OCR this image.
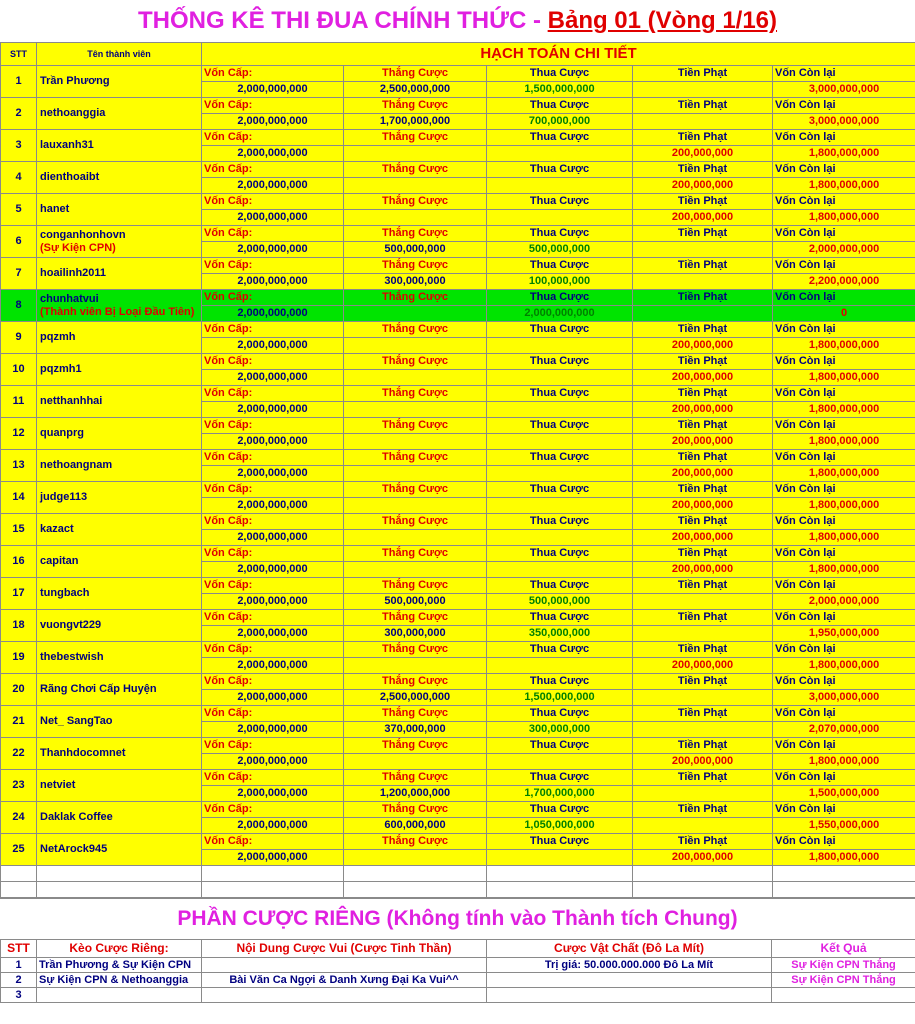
THỐNG KÊ THI ĐUA CHÍNH THỨC - Bảng 01 (Vòng 1/16)
STT	Tên thành viên	HẠCH TOÁN CHI TIẾT				
1	Trần Phương	Vốn Cấp:	Thắng Cược	Thua Cược	Tiền Phạt	Vốn Còn lại
		2,000,000,000	2,500,000,000	1,500,000,000		3,000,000,000
2	nethoanggia	Vốn Cấp:	Thắng Cược	Thua Cược	Tiền Phạt	Vốn Còn lại
		2,000,000,000	1,700,000,000	700,000,000		3,000,000,000
3	lauxanh31	Vốn Cấp:	Thắng Cược	Thua Cược	Tiền Phạt	Vốn Còn lại
		2,000,000,000			200,000,000	1,800,000,000
4	dienthoaibt	Vốn Cấp:	Thắng Cược	Thua Cược	Tiền Phạt	Vốn Còn lại
		2,000,000,000			200,000,000	1,800,000,000
5	hanet	Vốn Cấp:	Thắng Cược	Thua Cược	Tiền Phạt	Vốn Còn lại
		2,000,000,000			200,000,000	1,800,000,000
6	conganhonhovn
(Sự Kiện CPN)	Vốn Cấp:	Thắng Cược	Thua Cược	Tiền Phạt	Vốn Còn lại
		2,000,000,000	500,000,000	500,000,000		2,000,000,000
7	hoailinh2011	Vốn Cấp:	Thắng Cược	Thua Cược	Tiền Phạt	Vốn Còn lại
		2,000,000,000	300,000,000	100,000,000		2,200,000,000
8	chunhatvui
(Thành viên Bị Loại Đầu Tiên)	Vốn Cấp:	Thắng Cược	Thua Cược	Tiền Phạt	Vốn Còn lại
		2,000,000,000		2,000,000,000		0
9	pqzmh	Vốn Cấp:	Thắng Cược	Thua Cược	Tiền Phạt	Vốn Còn lại
		2,000,000,000			200,000,000	1,800,000,000
10	pqzmh1	Vốn Cấp:	Thắng Cược	Thua Cược	Tiền Phạt	Vốn Còn lại
		2,000,000,000			200,000,000	1,800,000,000
11	netthanhhai	Vốn Cấp:	Thắng Cược	Thua Cược	Tiền Phạt	Vốn Còn lại
		2,000,000,000			200,000,000	1,800,000,000
12	quanprg	Vốn Cấp:	Thắng Cược	Thua Cược	Tiền Phạt	Vốn Còn lại
		2,000,000,000			200,000,000	1,800,000,000
13	nethoangnam	Vốn Cấp:	Thắng Cược	Thua Cược	Tiền Phạt	Vốn Còn lại
		2,000,000,000			200,000,000	1,800,000,000
14	judge113	Vốn Cấp:	Thắng Cược	Thua Cược	Tiền Phạt	Vốn Còn lại
		2,000,000,000			200,000,000	1,800,000,000
15	kazact	Vốn Cấp:	Thắng Cược	Thua Cược	Tiền Phạt	Vốn Còn lại
		2,000,000,000			200,000,000	1,800,000,000
16	capitan	Vốn Cấp:	Thắng Cược	Thua Cược	Tiền Phạt	Vốn Còn lại
		2,000,000,000			200,000,000	1,800,000,000
17	tungbach	Vốn Cấp:	Thắng Cược	Thua Cược	Tiền Phạt	Vốn Còn lại
		2,000,000,000	500,000,000	500,000,000		2,000,000,000
18	vuongvt229	Vốn Cấp:	Thắng Cược	Thua Cược	Tiền Phạt	Vốn Còn lại
		2,000,000,000	300,000,000	350,000,000		1,950,000,000
19	thebestwish	Vốn Cấp:	Thắng Cược	Thua Cược	Tiền Phạt	Vốn Còn lại
		2,000,000,000			200,000,000	1,800,000,000
20	Rãng Chơi Cấp Huyện	Vốn Cấp:	Thắng Cược	Thua Cược	Tiền Phạt	Vốn Còn lại
		2,000,000,000	2,500,000,000	1,500,000,000		3,000,000,000
21	Net_ SangTao	Vốn Cấp:	Thắng Cược	Thua Cược	Tiền Phạt	Vốn Còn lại
		2,000,000,000	370,000,000	300,000,000		2,070,000,000
22	Thanhdocomnet	Vốn Cấp:	Thắng Cược	Thua Cược	Tiền Phạt	Vốn Còn lại
		2,000,000,000			200,000,000	1,800,000,000
23	netviet	Vốn Cấp:	Thắng Cược	Thua Cược	Tiền Phạt	Vốn Còn lại
		2,000,000,000	1,200,000,000	1,700,000,000		1,500,000,000
24	Daklak Coffee	Vốn Cấp:	Thắng Cược	Thua Cược	Tiền Phạt	Vốn Còn lại
		2,000,000,000	600,000,000	1,050,000,000		1,550,000,000
25	NetArock945	Vốn Cấp:	Thắng Cược	Thua Cược	Tiền Phạt	Vốn Còn lại
		2,000,000,000			200,000,000	1,800,000,000

PHẦN CƯỢC RIÊNG (Không tính vào Thành tích Chung)
STT	Kèo Cược Riêng:	Nội Dung Cược Vui (Cược Tinh Thần)	Cược Vật Chất (Đô La Mít)	Kết Quả
1	Trần Phương & Sự Kiện CPN		Trị giá: 50.000.000.000 Đô La Mít	Sự Kiện CPN Thắng
2	Sự Kiện CPN & Nethoanggia	Bài Văn Ca Ngợi & Danh Xưng Đại Ka Vui^^		Sự Kiện CPN Thắng
3				
